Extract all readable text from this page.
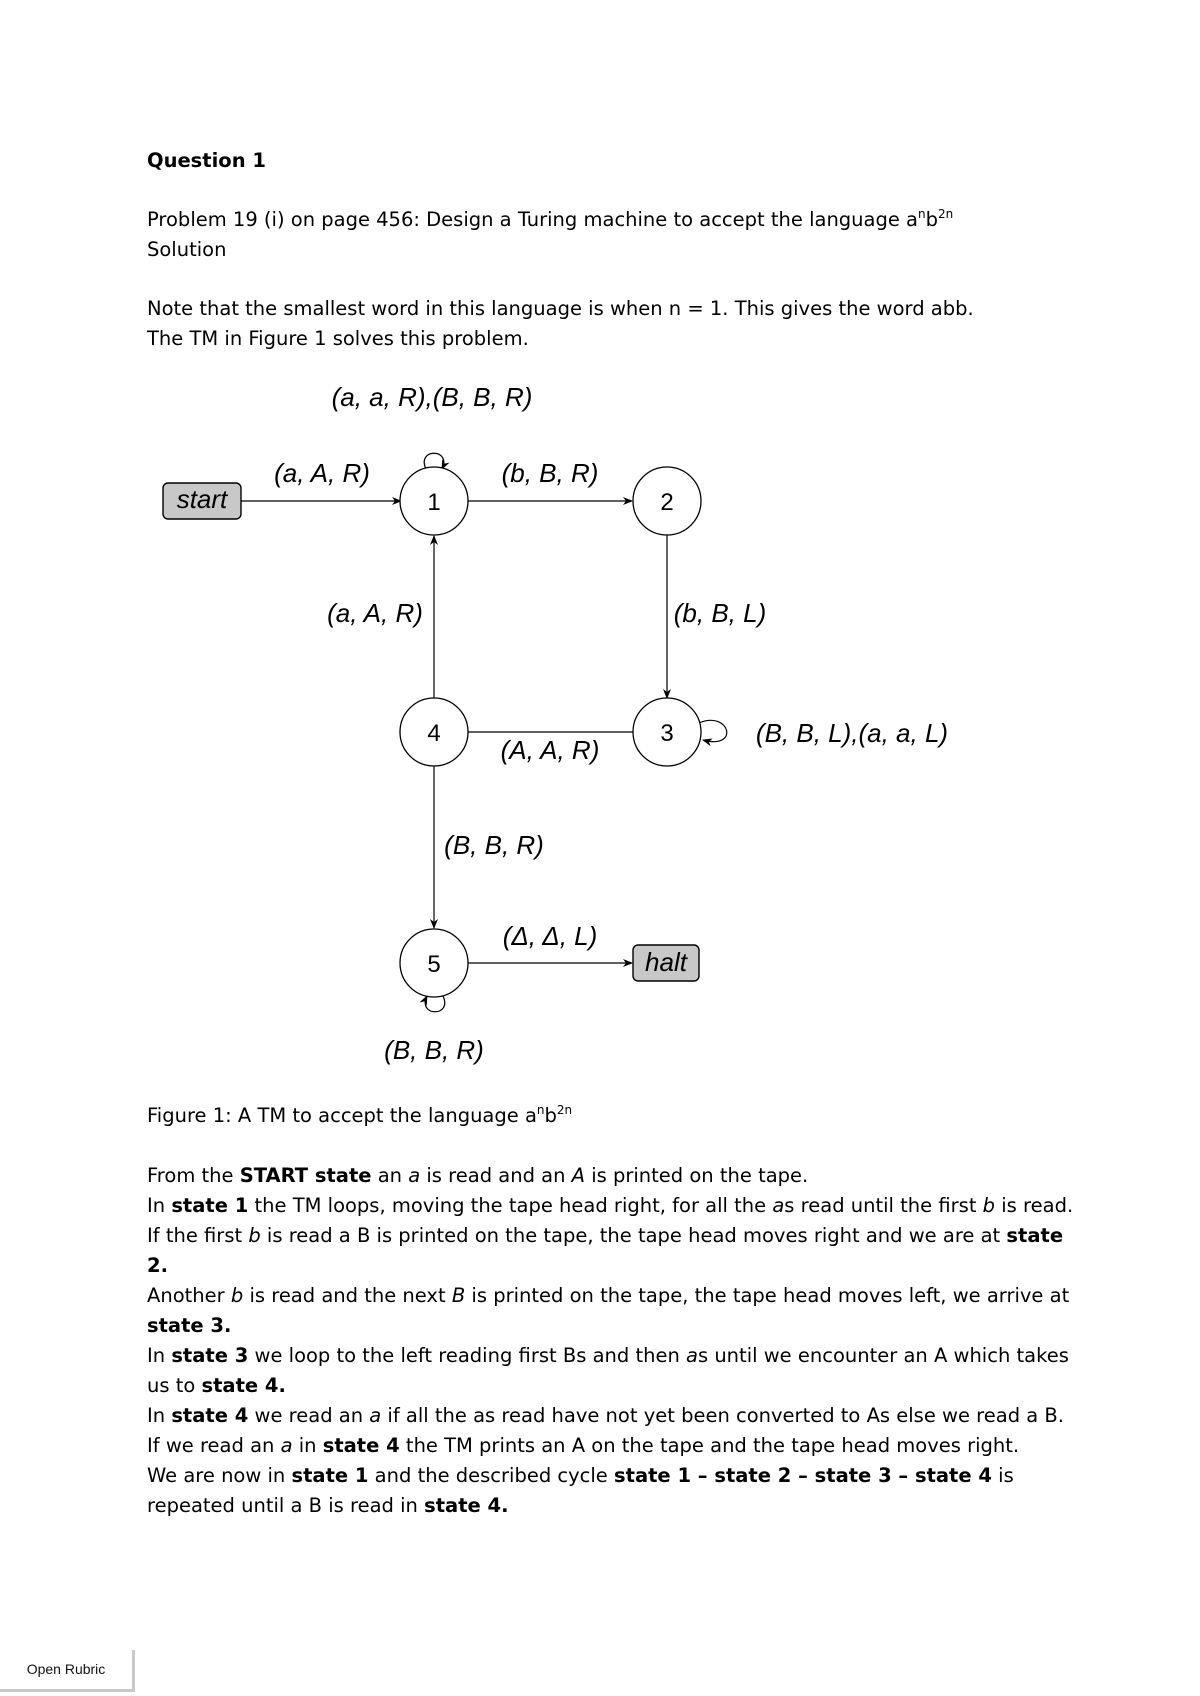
Question 1
Problem 19 (i) on page 456: Design a Turing machine to accept the language $a^nb^{2n}$
Solution
Note that the smallest word in this language is when n = 1. This gives the word abb.
The TM in Figure 1 solves this problem.
Figure 1: A TM to accept the language $a^nb^{2n}$

From the START state an a is read and an A is printed on the tape.

In state 1 the TM loops, moving the tape head right, for all the as read until the first b is read.

If the first b is read a B is printed on the tape, the tape head moves right and we are at state 2.

Another b is read and the next B is printed on the tape, the tape head moves left, we arrive at state 3.

In state 3 we loop to the left reading first Bs and then as until we encounter an A which takes us to state 4.

In state 4 we read an a if all the as read have not yet been converted to As else we read a B.

If we read an a in state 4 the TM prints an A on the tape and the tape head moves right.

We are now in state 1 and the described cycle state 1 – state 2 – state 3 – state 4 is repeated until a B is read in state 4.

start
halt
1	2
3
4
5
(a, A, R)
(a, a, R),(B, B, R)
(b, B, R)
(b, B, L)
(B, B, L),(a, a, L)
(A, A, R)
(a, A, R)
(B, B, R)
(Δ, Δ, L)
(B, B, R)
Open Rubric
